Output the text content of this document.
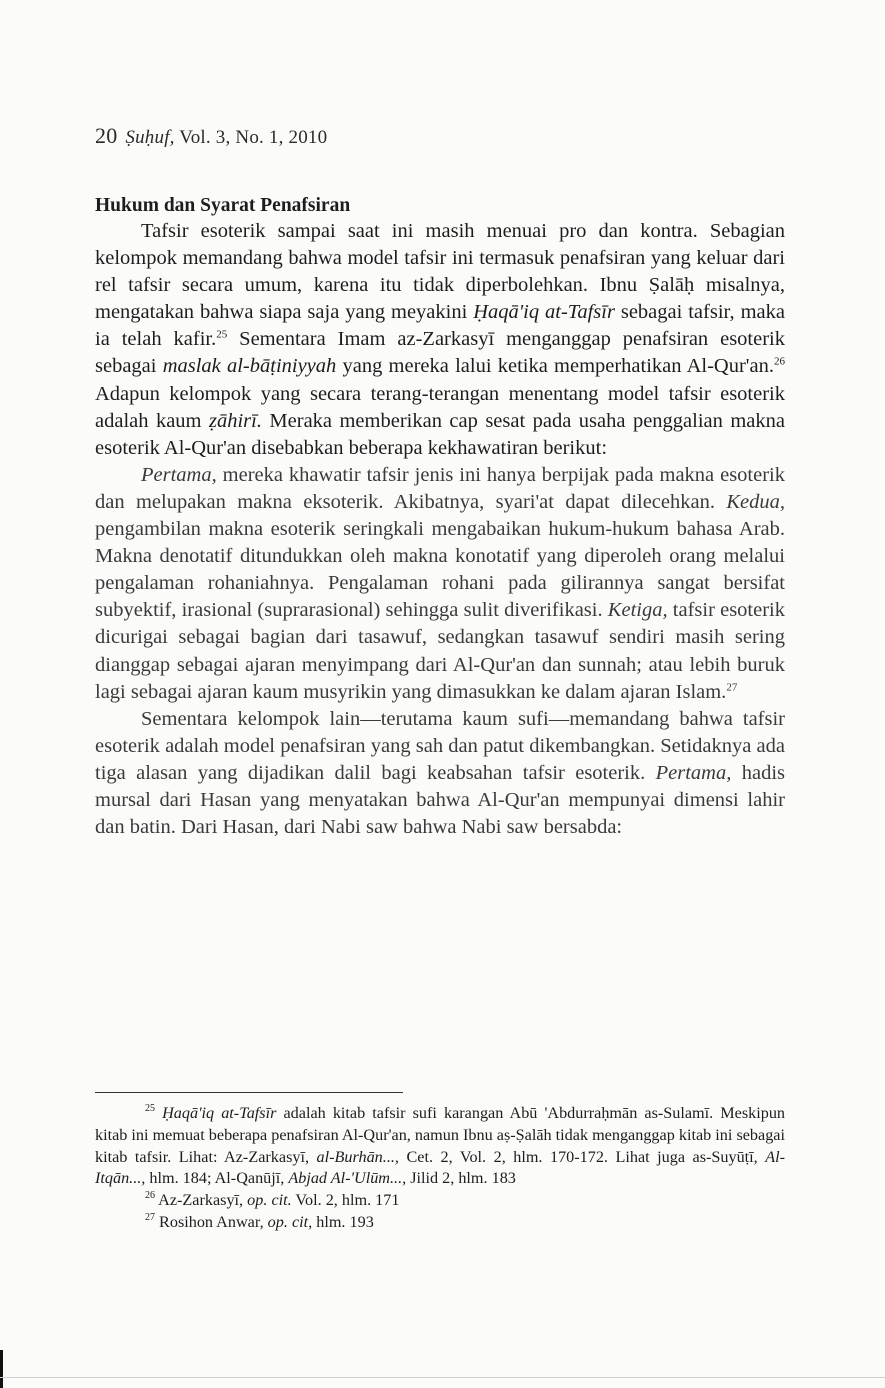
20 Ṣuḥuf, Vol. 3, No. 1, 2010
Hukum dan Syarat Penafsiran

Tafsir esoterik sampai saat ini masih menuai pro dan kontra. Sebagian kelompok memandang bahwa model tafsir ini termasuk penafsiran yang keluar dari rel tafsir secara umum, karena itu tidak diperbolehkan. Ibnu Ṣalāḥ misalnya, mengatakan bahwa siapa saja yang meyakini Ḥaqā'iq at-Tafsīr sebagai tafsir, maka ia telah kafir.$^{25}$ Sementara Imam az-Zarkasyī menganggap penafsiran esoterik sebagai maslak al-bāṭiniyyah yang mereka lalui ketika memperhatikan Al-Qur'an.$^{26}$ Adapun kelompok yang secara terang-terangan menentang model tafsir esoterik adalah kaum ẓāhirī. Meraka memberikan cap sesat pada usaha penggalian makna esoterik Al-Qur'an disebabkan beberapa kekhawatiran berikut:

Pertama, mereka khawatir tafsir jenis ini hanya berpijak pada makna esoterik dan melupakan makna eksoterik. Akibatnya, syari'at dapat dilecehkan. Kedua, pengambilan makna esoterik seringkali mengabaikan hukum-hukum bahasa Arab. Makna denotatif ditundukkan oleh makna konotatif yang diperoleh orang melalui pengalaman rohaniahnya. Pengalaman rohani pada gilirannya sangat bersifat subyektif, irasional (suprarasional) sehingga sulit diverifikasi. Ketiga, tafsir esoterik dicurigai sebagai bagian dari tasawuf, sedangkan tasawuf sendiri masih sering dianggap sebagai ajaran menyimpang dari Al-Qur'an dan sunnah; atau lebih buruk lagi sebagai ajaran kaum musyrikin yang dimasukkan ke dalam ajaran Islam.$^{27}$

Sementara kelompok lain—terutama kaum sufi—memandang bahwa tafsir esoterik adalah model penafsiran yang sah dan patut dikembangkan. Setidaknya ada tiga alasan yang dijadikan dalil bagi keabsahan tafsir esoterik. Pertama, hadis mursal dari Hasan yang menyatakan bahwa Al-Qur'an mempunyai dimensi lahir dan batin. Dari Hasan, dari Nabi saw bahwa Nabi saw bersabda:

$^{25}$ Ḥaqā'iq at-Tafsīr adalah kitab tafsir sufi karangan Abū 'Abdurraḥmān as-Sulamī. Meskipun kitab ini memuat beberapa penafsiran Al-Qur'an, namun Ibnu aṣ-Ṣalāh tidak menganggap kitab ini sebagai kitab tafsir. Lihat: Az-Zarkasyī, al-Burhān..., Cet. 2, Vol. 2, hlm. 170-172. Lihat juga as-Suyūṭī, Al-Itqān..., hlm. 184; Al-Qanūjī, Abjad Al-'Ulūm..., Jilid 2, hlm. 183

$^{26}$ Az-Zarkasyī, op. cit. Vol. 2, hlm. 171

$^{27}$ Rosihon Anwar, op. cit, hlm. 193
